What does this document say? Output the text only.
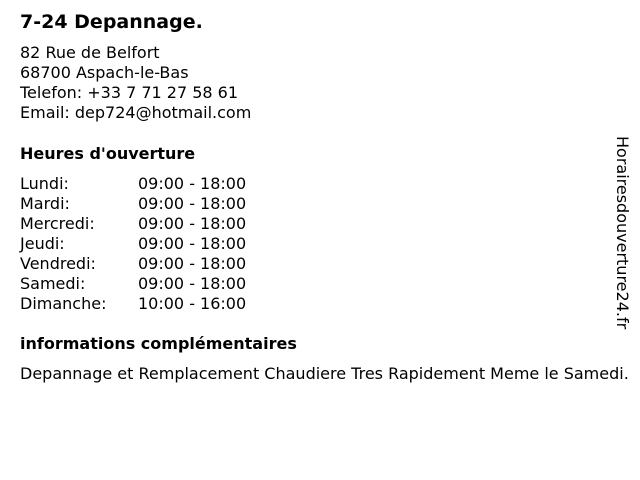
7-24 Depannage.
82 Rue de Belfort
68700 Aspach-le-Bas
Telefon: +33 7 71 27 58 61
Email: dep724@hotmail.com
Heures d'ouverture
Lundi:	09:00 - 18:00
Mardi:	09:00 - 18:00
Mercredi:	09:00 - 18:00
Jeudi:	09:00 - 18:00
Vendredi:	09:00 - 18:00
Samedi:	09:00 - 18:00
Dimanche:	10:00 - 16:00
informations complémentaires
Depannage et Remplacement Chaudiere Tres Rapidement Meme le Samedi.
Horairesdouverture24.fr
